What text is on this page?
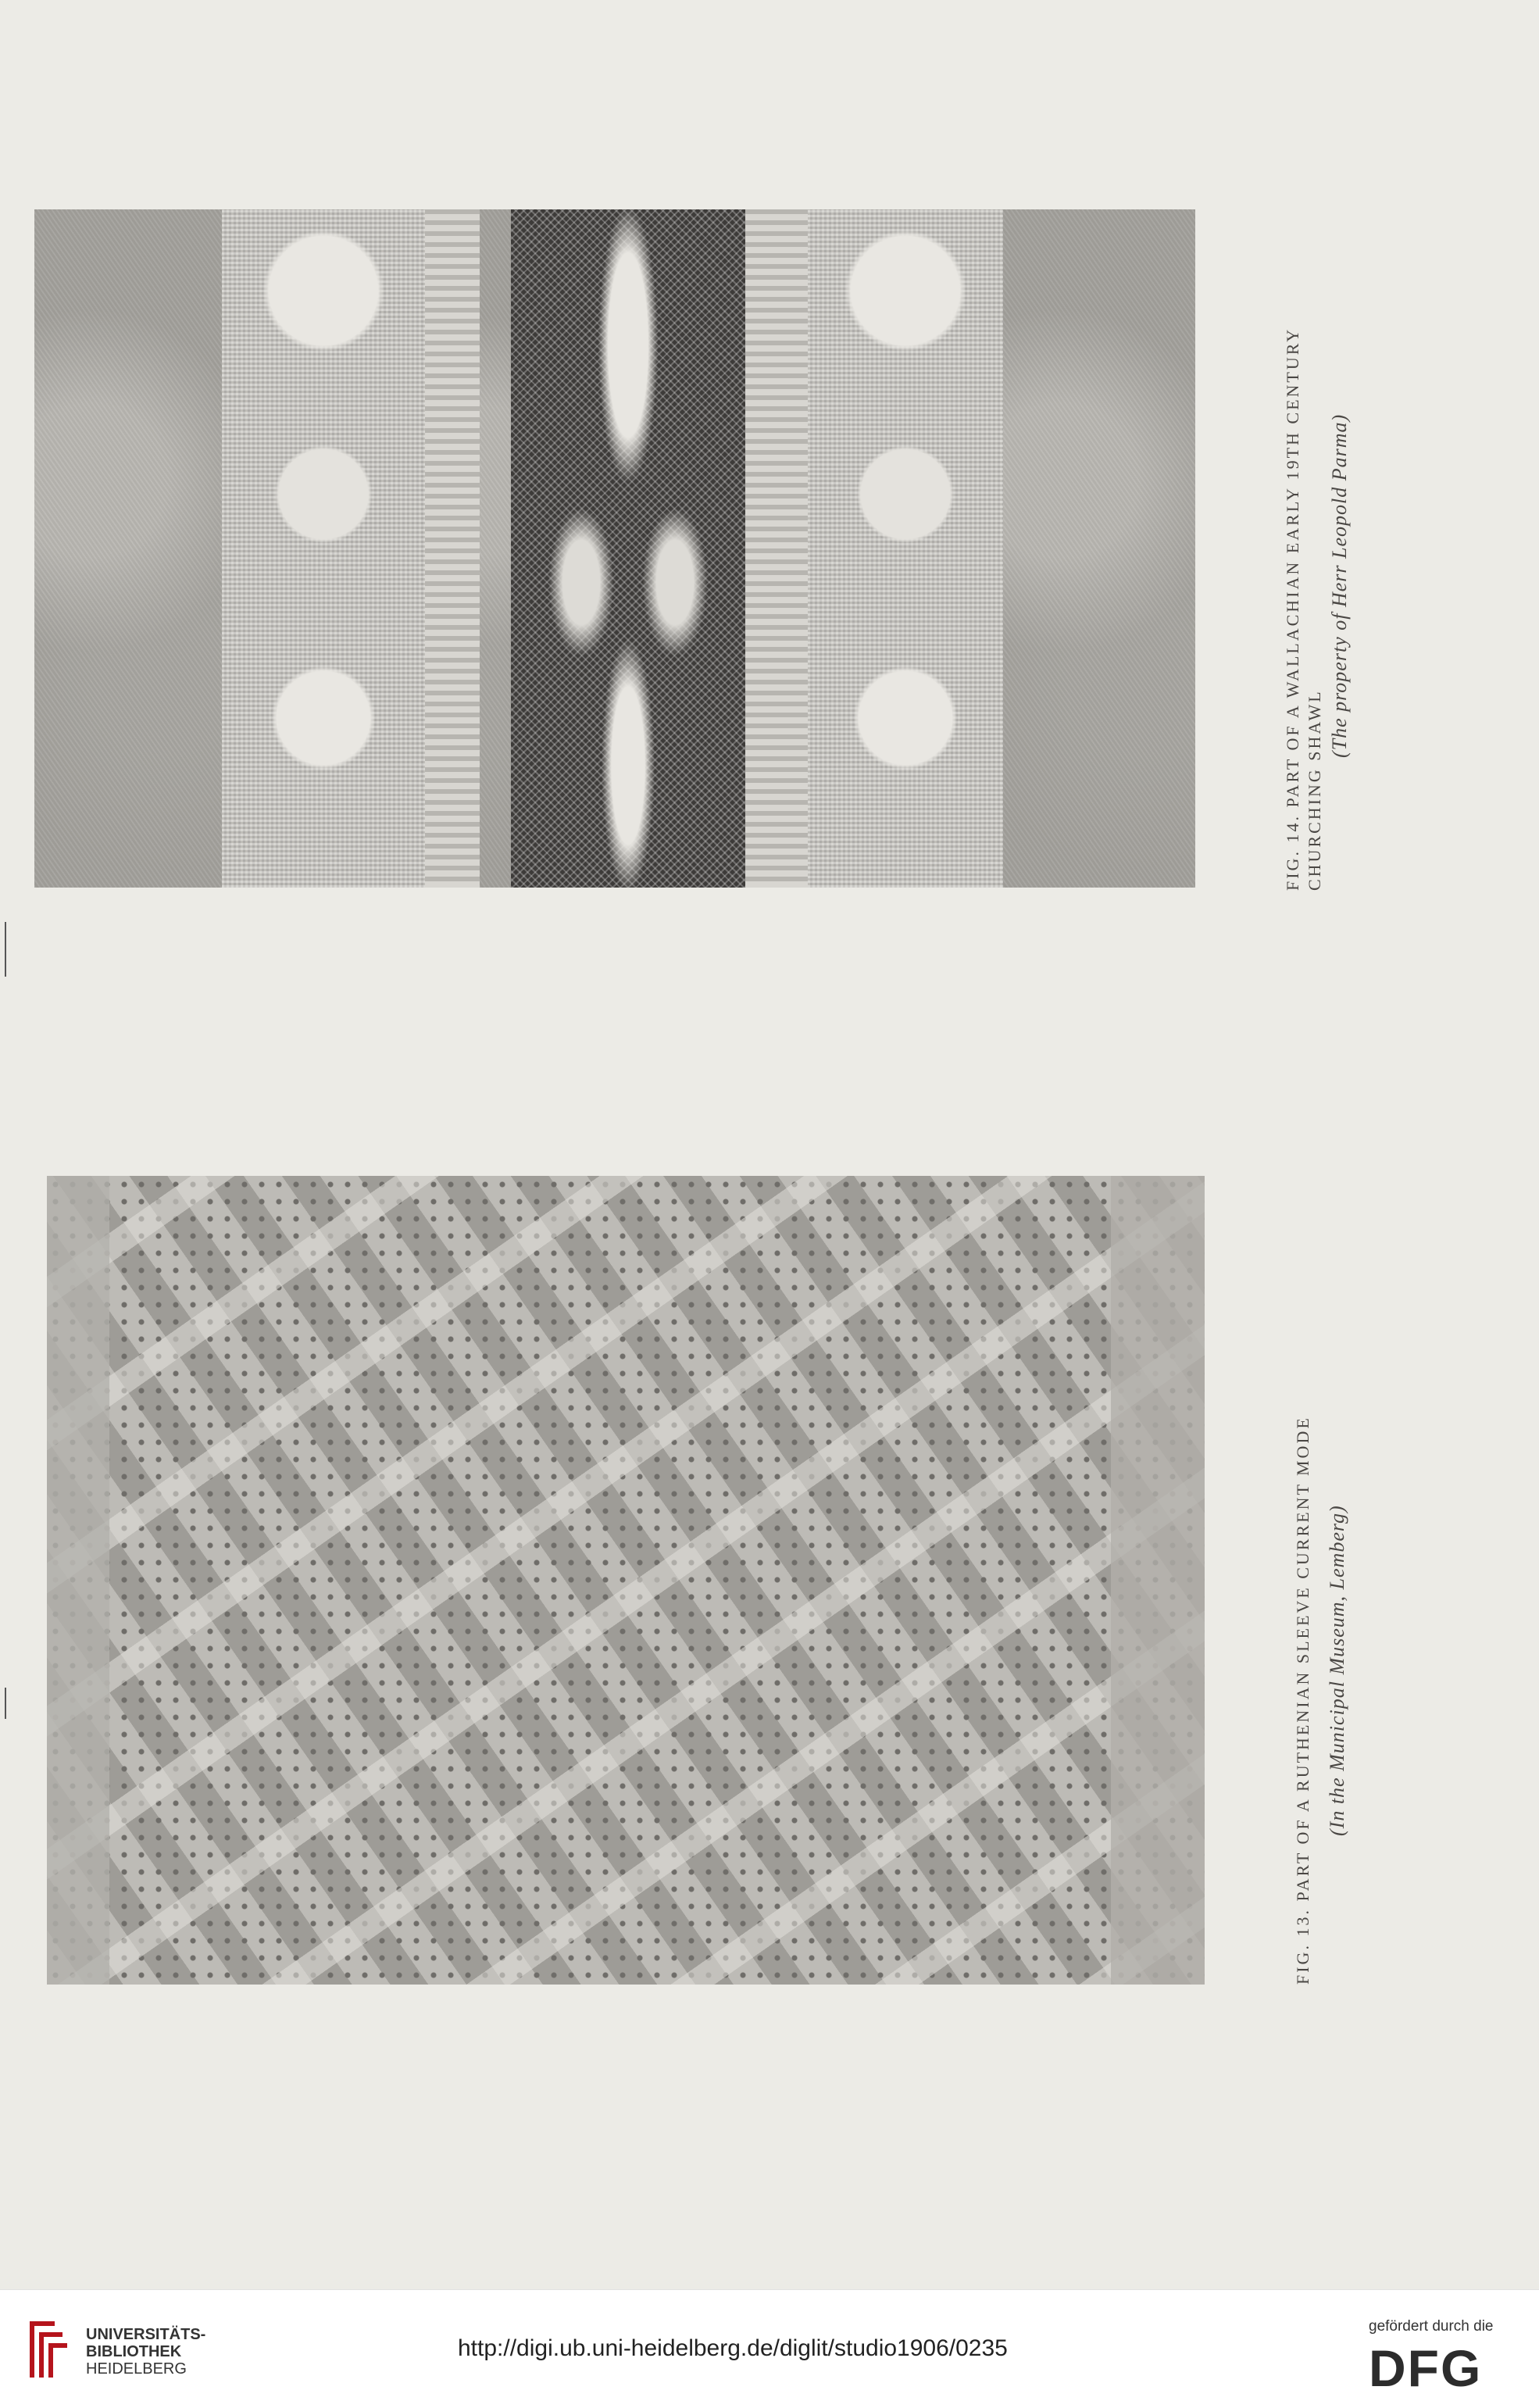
FIG. 14. PART OF A WALLACHIAN EARLY 19TH CENTURY CHURCHING SHAWL
(The property of Herr Leopold Parma)
FIG. 13. PART OF A RUTHENIAN SLEEVE CURRENT MODE (In the Municipal Museum, Lemberg)
UNIVERSITÄTS-
BIBLIOTHEK
HEIDELBERG
http://digi.ub.uni-heidelberg.de/diglit/studio1906/0235
gefördert durch die
DFG
